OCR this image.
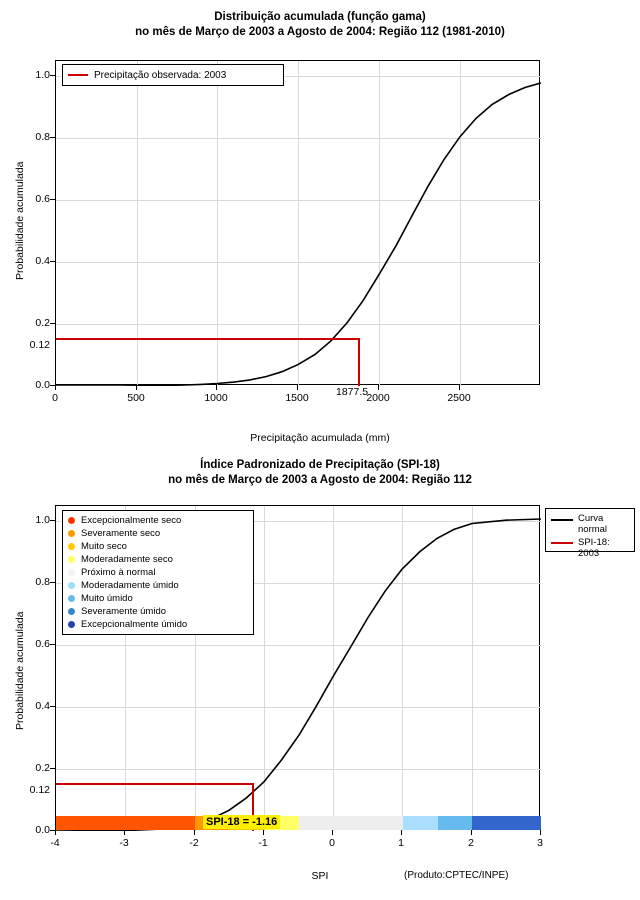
Distribuição acumulada (função gama)
no mês de Março de 2003 a Agosto de 2004: Região 112 (1981-2010)
Probabilidade acumulada
Precipitação observada: 2003
0.0
0.2
0.4
0.6
0.8
1.0
0.12
0	500	1000	1500	2000	2500
1877.5
Precipitação acumulada (mm)
Índice Padronizado de Precipitação (SPI-18)
no mês de Março de 2003 a Agosto de 2004: Região 112
Probabilidade acumulada
Excepcionalmente seco
Severamente seco
Muito seco
Moderadamente seco
Próximo à normal
Moderadamente úmido
Muito úmido
Severamente úmido
Excepcionalmente úmido
SPI-18 = -1.16
Curva
normal
SPI-18: 2003
0.0
0.2
0.4
0.6
0.8
1.0
0.12
-4	-3	-2	-1	0	1	2	3
SPI	(Produto:CPTEC/INPE)
